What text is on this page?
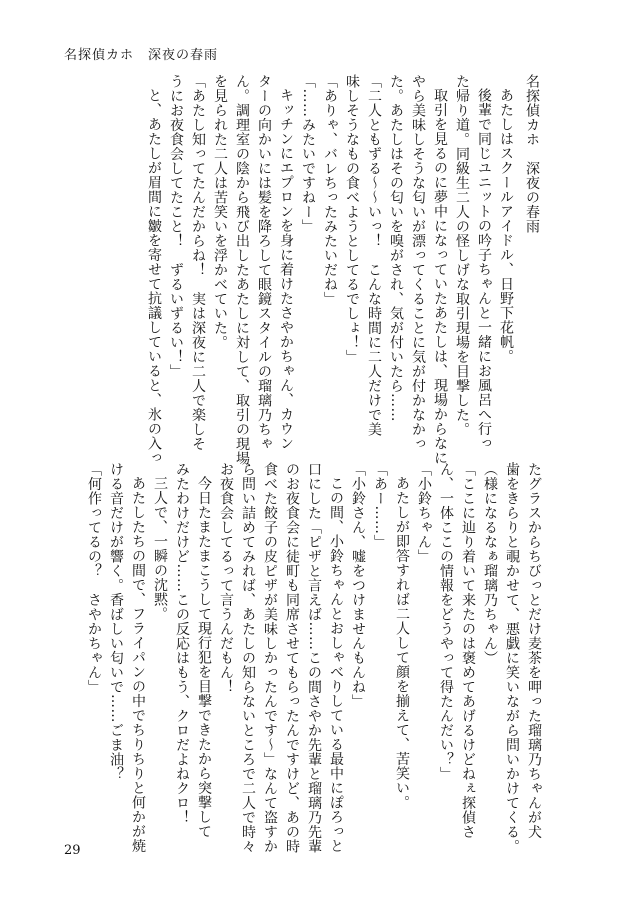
名探偵カホ　深夜の春雨
名探偵カホ　深夜の春雨
あたしはスクールアイドル、日野下花帆。
後輩で同じユニットの吟子ちゃんと一緒にお風呂へ行っ
た帰り道。同級生二人の怪しげな取引現場を目撃した。
取引を見るのに夢中になっていたあたしは、現場からなに
やら美味しそうな匂いが漂ってくることに気が付かなかっ
た。あたしはその匂いを嗅がされ、気が付いたら……
「二人ともずる〜〜いっ！　こんな時間に二人だけで美
味しそうなもの食べようとしてるでしょ！」
「ありゃ、バレちったみたいだね」
「……みたいですねー」
キッチンにエプロンを身に着けたさやかちゃん、カウン
ターの向かいには髪を降ろして眼鏡スタイルの瑠璃乃ちゃ
ん。調理室の陰から飛び出したあたしに対して、取引の現場
を見られた二人は苦笑いを浮かべていた。
「あたし知ってたんだからね！　実は深夜に二人で楽しそ
うにお夜食会してたこと！　ずるいずるい！」
と、あたしが眉間に皺を寄せて抗議していると、氷の入っ
たグラスからちびっとだけ麦茶を呷った瑠璃乃ちゃんが犬
歯をきらりと覗かせて、悪戯に笑いながら問いかけてくる。
（様になるなぁ瑠璃乃ちゃん）
「ここに辿り着いて来たのは褒めてあげるけどねぇ探偵さ
ん、一体ここの情報をどうやって得たんだい？」
「小鈴ちゃん」
あたしが即答すれば二人して顔を揃えて、苦笑い。
「あー……」
「小鈴さん、嘘をつけませんもんね」
この間、小鈴ちゃんとおしゃべりしている最中にぽろっと
口にした「ピザと言えば……この間さやか先輩と瑠璃乃先輩
のお夜食会に徒町も同席させてもらったんですけど、あの時
食べた餃子の皮ピザが美味しかったんです〜」なんて盗すか
ら問い詰めてみれば、あたしの知らないところで二人で時々
お夜食会してるって言うんだもん！
今日たまたまこうして現行犯を目撃できたから突撃して
みたわけだけど……この反応はもう、クロだよねクロ！
三人で、一瞬の沈黙。
あたしたちの間で、フライパンの中でちりちりと何かが焼
ける音だけが響く。香ばしい匂いで……ごま油？
「何作ってるの？　さやかちゃん」
29
